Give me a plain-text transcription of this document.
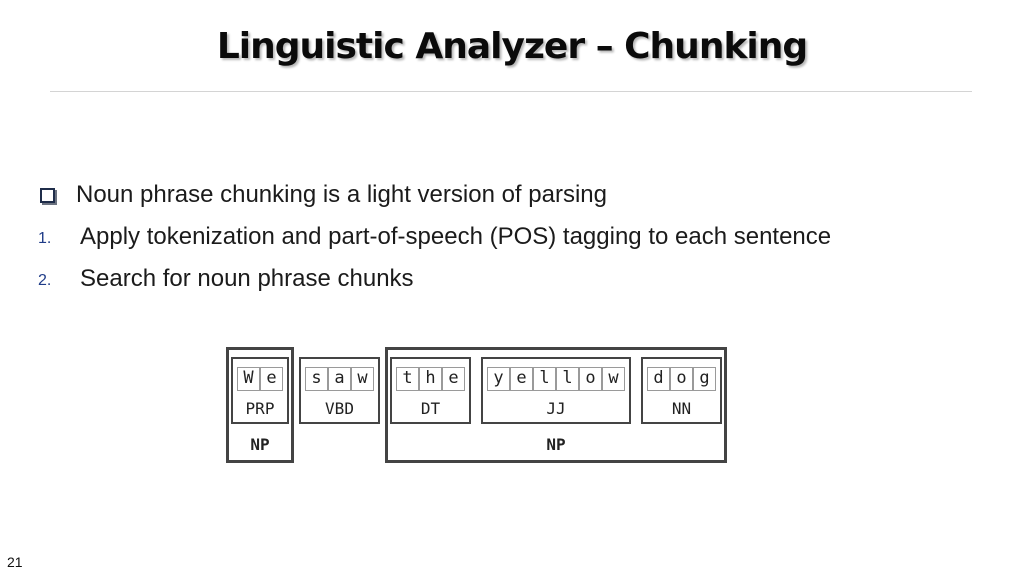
Linguistic Analyzer – Chunking
Noun phrase chunking is a light version of parsing
1. Apply tokenization and part-of-speech (POS) tagging to each sentence
2. Search for noun phrase chunks
NP	NP
W e
PRP
s a w
VBD
t h e
DT
y e l l o w
JJ
d o g
NN
21
